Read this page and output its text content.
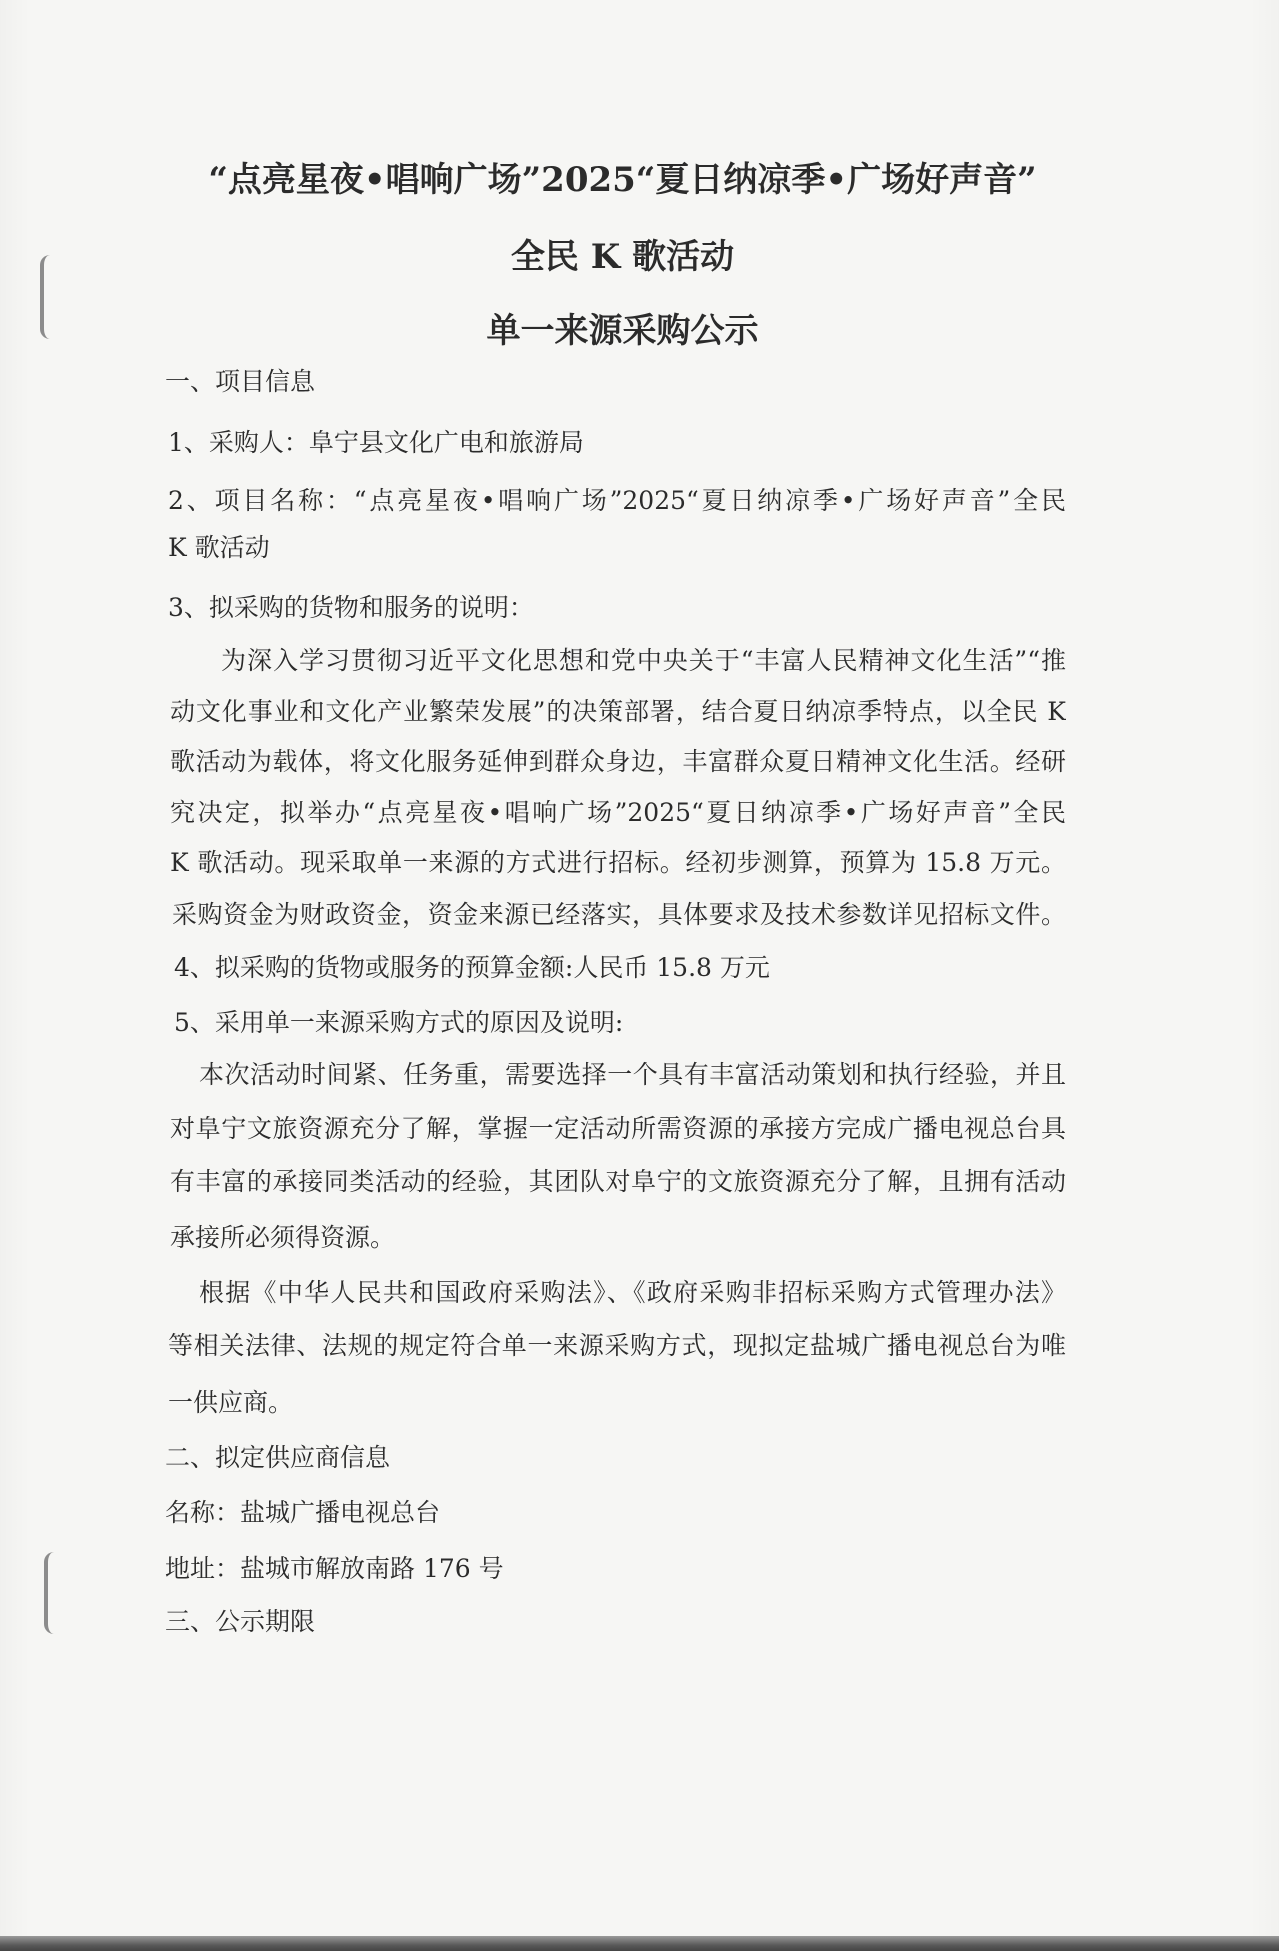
“点亮星夜•唱响广场”2025“夏日纳凉季•广场好声音”
全民 K 歌活动
单一来源采购公示
一、项目信息
1、采购人：阜宁县文化广电和旅游局
2、项目名称：“点亮星夜•唱响广场”2025“夏日纳凉季•广场好声音”全民
K 歌活动
3、拟采购的货物和服务的说明：
为深入学习贯彻习近平文化思想和党中央关于“丰富人民精神文化生活”“推
动文化事业和文化产业繁荣发展”的决策部署，结合夏日纳凉季特点，以全民 K
歌活动为载体，将文化服务延伸到群众身边，丰富群众夏日精神文化生活。经研
究决定，拟举办“点亮星夜•唱响广场”2025“夏日纳凉季•广场好声音”全民
K 歌活动。现采取单一来源的方式进行招标。经初步测算，预算为 15.8 万元。
采购资金为财政资金，资金来源已经落实，具体要求及技术参数详见招标文件。
4、拟采购的货物或服务的预算金额:人民币 15.8 万元
5、采用单一来源采购方式的原因及说明:
本次活动时间紧、任务重，需要选择一个具有丰富活动策划和执行经验，并且
对阜宁文旅资源充分了解，掌握一定活动所需资源的承接方完成广播电视总台具
有丰富的承接同类活动的经验，其团队对阜宁的文旅资源充分了解，且拥有活动
承接所必须得资源。
根据《中华人民共和国政府采购法》、《政府采购非招标采购方式管理办法》
等相关法律、法规的规定符合单一来源采购方式，现拟定盐城广播电视总台为唯
一供应商。
二、拟定供应商信息
名称：盐城广播电视总台
地址：盐城市解放南路 176 号
三、公示期限
